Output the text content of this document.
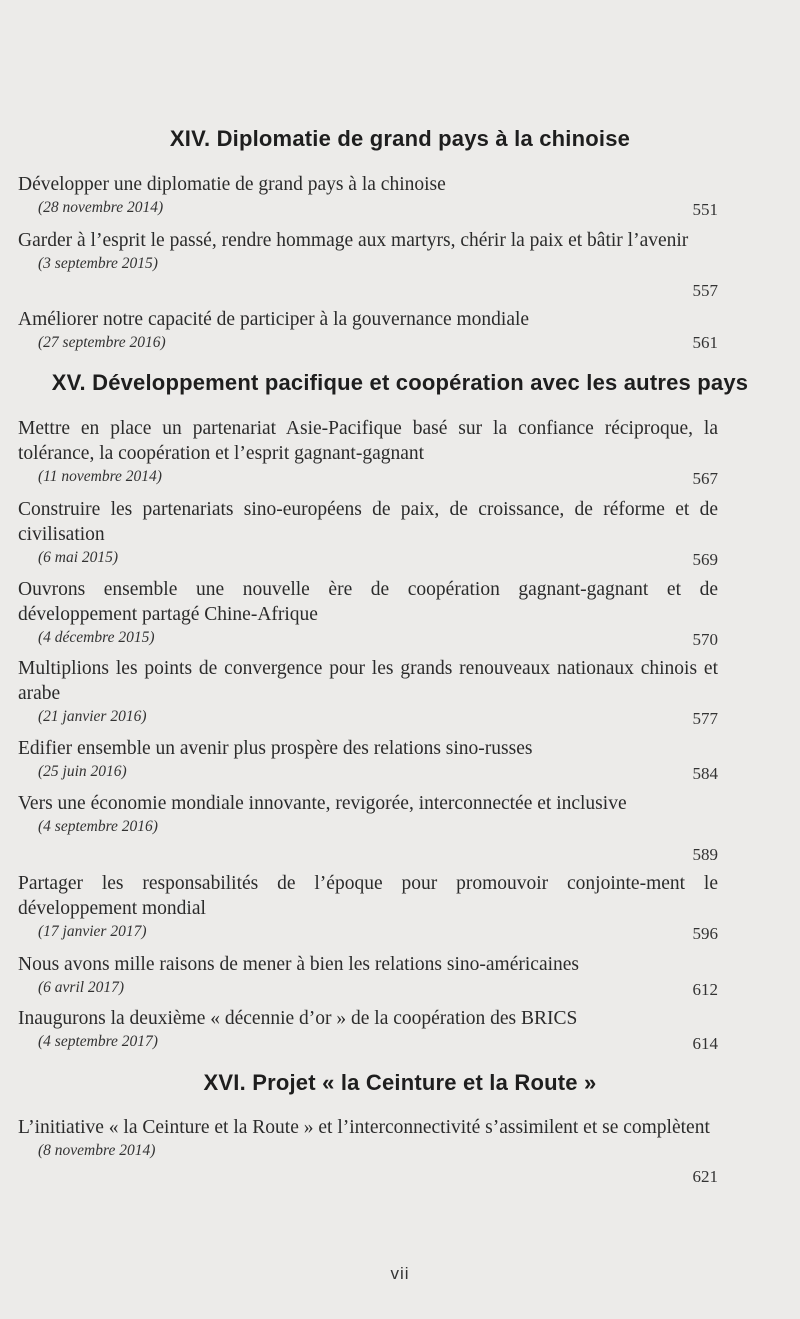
XIV. Diplomatie de grand pays à la chinoise

Développer une diplomatie de grand pays à la chinoise

(28 novembre 2014)	551

Garder à l’esprit le passé, rendre hommage aux martyrs, chérir la paix et bâtir l’avenir

(3 septembre 2015)
557

Améliorer notre capacité de participer à la gouvernance mondiale

(27 septembre 2016)	561
XV. Développement pacifique et coopération avec les autres pays

Mettre en place un partenariat Asie-Pacifique basé sur la confiance réciproque, la tolérance, la coopération et l’esprit gagnant-gagnant

(11 novembre 2014)	567

Construire les partenariats sino-européens de paix, de croissance, de réforme et de civilisation

(6 mai 2015)	569

Ouvrons ensemble une nouvelle ère de coopération gagnant-gagnant et de développement partagé Chine-Afrique

(4 décembre 2015)	570

Multiplions les points de convergence pour les grands renouveaux nationaux chinois et arabe

(21 janvier 2016)	577

Edifier ensemble un avenir plus prospère des relations sino-russes

(25 juin 2016)	584

Vers une économie mondiale innovante, revigorée, interconnectée et inclusive

(4 septembre 2016)
589

Partager les responsabilités de l’époque pour promouvoir conjointe-ment le développement mondial

(17 janvier 2017)	596

Nous avons mille raisons de mener à bien les relations sino-américaines

(6 avril 2017)	612

Inaugurons la deuxième « décennie d’or » de la coopération des BRICS

(4 septembre 2017)	614
XVI. Projet « la Ceinture et la Route »

L’initiative « la Ceinture et la Route » et l’interconnectivité s’assimilent et se complètent

(8 novembre 2014)
621
vii
